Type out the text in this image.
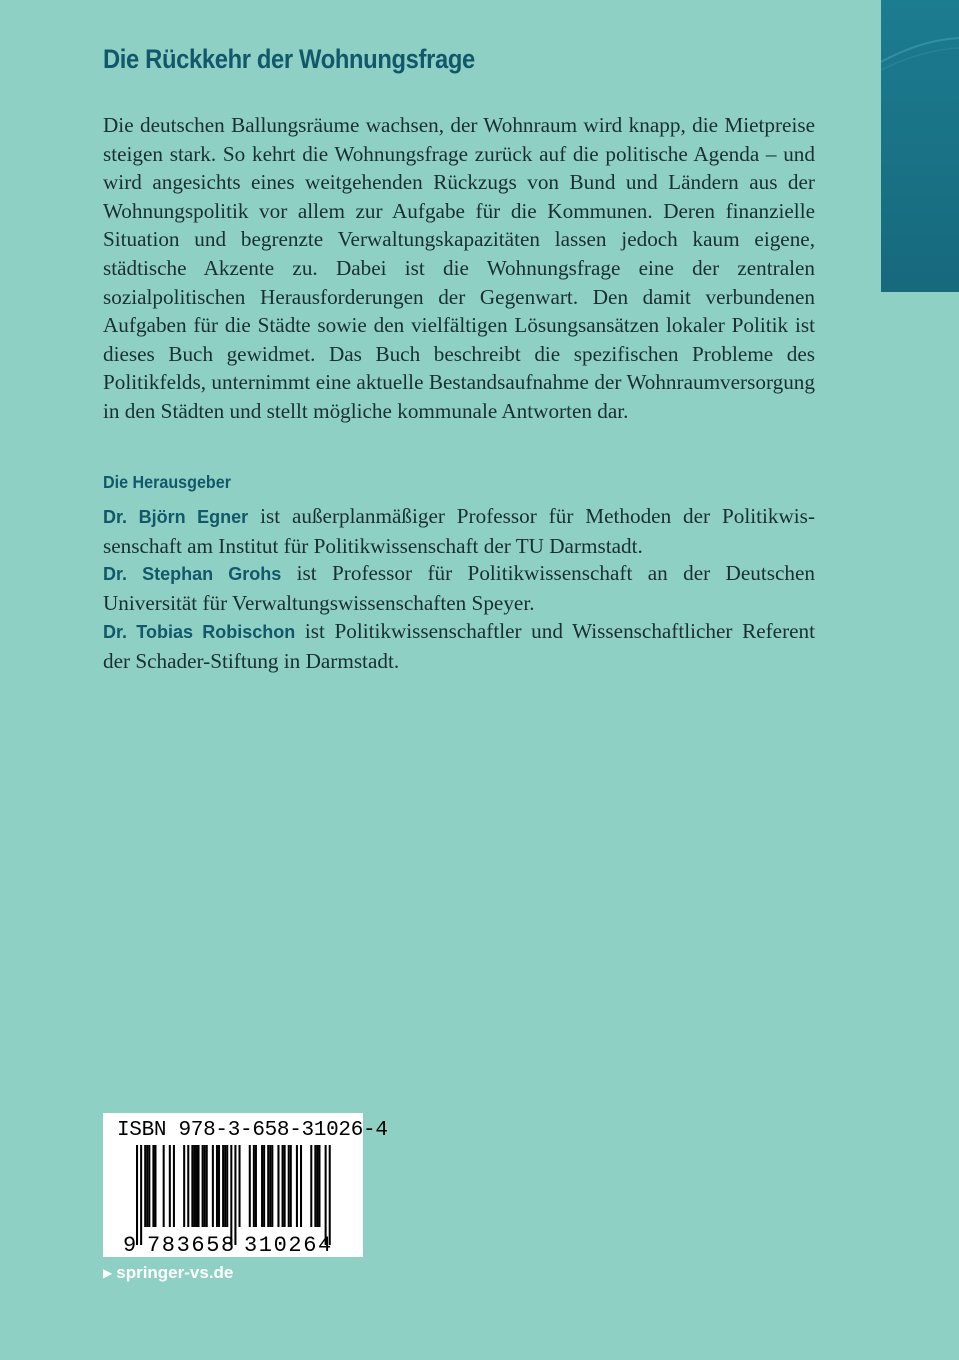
Die Rückkehr der Wohnungsfrage

Die deutschen Ballungsräume wachsen, der Wohnraum wird knapp, die Mietpreise steigen stark. So kehrt die Wohnungsfrage zurück auf die politische Agenda – und wird angesichts eines weitgehenden Rückzugs von Bund und Ländern aus der Wohnungspolitik vor allem zur Aufgabe für die Kommunen. Deren finanzielle Situation und begrenzte Verwaltungskapazitäten lassen jedoch kaum eigene, städtische Akzente zu. Dabei ist die Wohnungsfrage eine der zentralen sozialpolitischen Herausforderungen der Gegenwart. Den damit verbundenen Aufgaben für die Städte sowie den vielfältigen Lösungsansätzen lokaler Politik ist dieses Buch gewidmet. Das Buch beschreibt die spezifischen Probleme des Politikfelds, unternimmt eine aktuelle Bestandsaufnahme der Wohnraumversorgung in den Städten und stellt mögliche kommunale Antworten dar.

Die Herausgeber

Dr. Björn Egner ist außerplanmäßiger Professor für Methoden der Politikwissenschaft am Institut für Politikwissenschaft der TU Darmstadt.

Dr. Stephan Grohs ist Professor für Politikwissenschaft an der Deutschen Universität für Verwaltungswissenschaften Speyer.

Dr. Tobias Robischon ist Politikwissenschaftler und Wissenschaftlicher Referent der Schader-Stiftung in Darmstadt.

ISBN 978-3-658-31026-4
9 783658 310264
▶ springer-vs.de
